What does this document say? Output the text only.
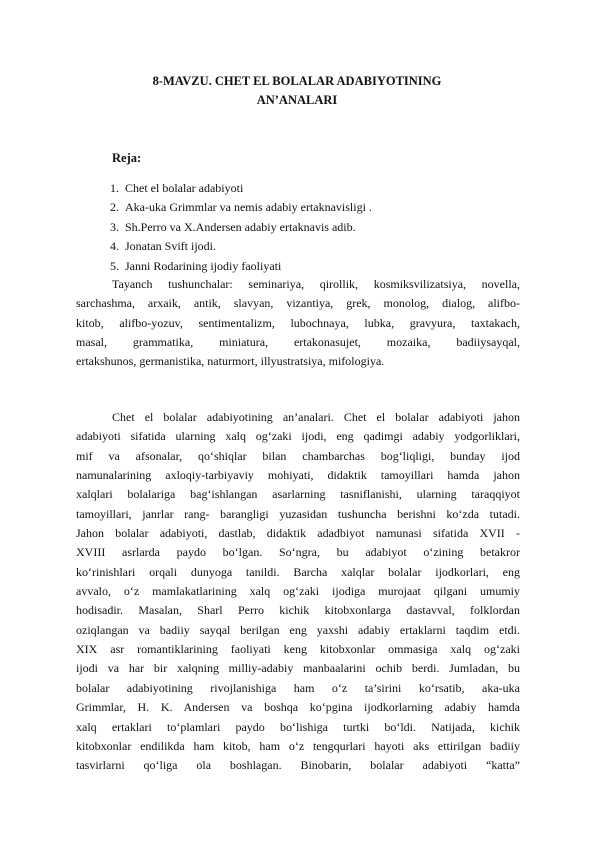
8-MAVZU. CHET EL BOLALAR ADABIYOTINING
AN’ANALARI

Reja:

1. Chet el bolalar adabiyoti
2. Aka-uka Grimmlar va nemis adabiy ertaknavisligi .
3. Sh.Perro va X.Andersen adabiy ertaknavis adib.
4. Jonatan Svift ijodi.
5. Janni Rodarining ijodiy faoliyati

Tayanch tushunchalar: seminariya, qirollik, kosmiksvilizatsiya, novella,
sarchashma, arxaik, antik, slavyan, vizantiya, grek, monolog, dialog, alifbo-
kitob, alifbo-yozuv, sentimentalizm, lubochnaya, lubka, gravyura, taxtakach,
masal, grammatika, miniatura, ertakonasujet, mozaika, badiiysayqal,
ertakshunos, germanistika, naturmort, illyustratsiya, mifologiya.

Chet el bolalar adabiyotining an’analari. Chet el bolalar adabiyoti jahon
adabiyoti sifatida ularning xalq og‘zaki ijodi, eng qadimgi adabiy yodgorliklari,
mif va afsonalar, qo‘shiqlar bilan chambarchas bog‘liqligi, bunday ijod
namunalarining axloqiy-tarbiyaviy mohiyati, didaktik tamoyillari hamda jahon
xalqlari bolalariga bag‘ishlangan asarlarning tasniflanishi, ularning taraqqiyot
tamoyillari, janrlar rang- barangligi yuzasidan tushuncha berishni ko‘zda tutadi.
Jahon bolalar adabiyoti, dastlab, didaktik adadbiyot namunasi sifatida XVII -
XVIII asrlarda paydo bo‘lgan. So‘ngra, bu adabiyot o‘zining betakror
ko‘rinishlari orqali dunyoga tanildi. Barcha xalqlar bolalar ijodkorlari, eng
avvalo, o‘z mamlakatlarining xalq og‘zaki ijodiga murojaat qilgani umumiy
hodisadir. Masalan, Sharl Perro kichik kitobxonlarga dastavval, folklordan
oziqlangan va badiiy sayqal berilgan eng yaxshi adabiy ertaklarni taqdim etdi.
XIX asr romantiklarining faoliyati keng kitobxonlar ommasiga xalq og‘zaki
ijodi va har bir xalqning milliy-adabiy manbaalarini ochib berdi. Jumladan, bu
bolalar adabiyotining rivojlanishiga ham o‘z ta’sirini ko‘rsatib, aka-uka
Grimmlar, H. K. Andersen va boshqa ko‘pgina ijodkorlarning adabiy hamda
xalq ertaklari to‘plamlari paydo bo‘lishiga turtki bo‘ldi. Natijada, kichik
kitobxonlar endilikda ham kitob, ham o‘z tengqurlari hayoti aks ettirilgan badiiy
tasvirlarni qo‘liga ola boshlagan. Binobarin, bolalar adabiyoti “katta”
